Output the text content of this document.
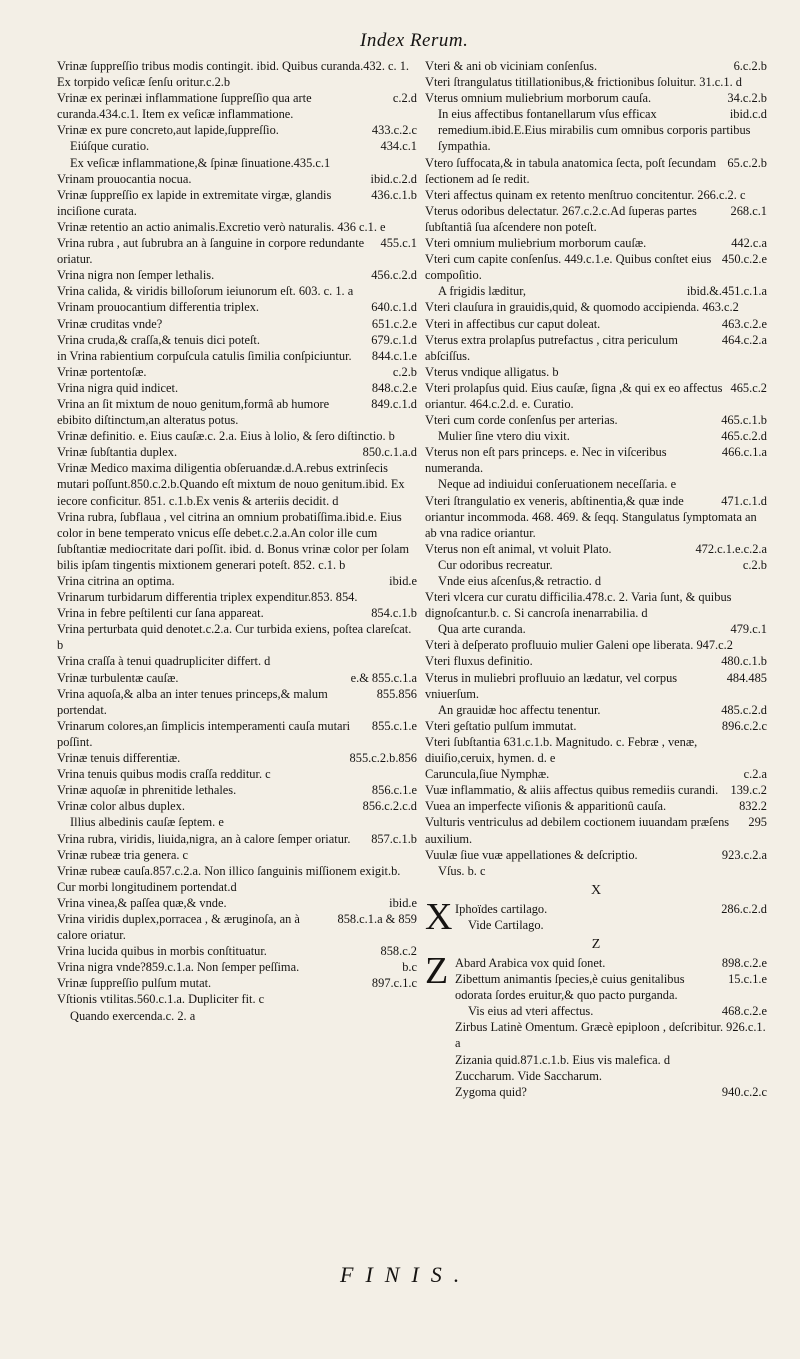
Index Rerum.
Vrinæ ſuppreſſio tribus modis contingit. ibid. Quibus curanda.432. c. 1. Ex torpido veſicæ ſenſu oritur.c.2.b
c.2.d
Vrinæ ex perinæi inflammatione ſuppreſſio qua arte curanda.434.c.1. Item ex veſicæ inflammatione.
433.c.2.c
Vrinæ ex pure concreto,aut lapide,ſuppreſſio.
434.c.1
Eiúſque curatio.
Ex veſicæ inflammatione,& ſpinæ ſinuatione.435.c.1
ibid.c.2.d
Vrinam prouocantia nocua.
436.c.1.b
Vrinæ ſuppreſſio ex lapide in extremitate virgæ, glandis inciſione curata.
Vrinæ retentio an actio animalis.Excretio verò naturalis. 436 c.1. e
455.c.1
Vrina rubra , aut ſubrubra an à ſanguine in corpore redundante oriatur.
456.c.2.d
Vrina nigra non ſemper lethalis.
Vrina calida, & viridis billoſorum ieiunorum eſt. 603. c. 1. a
640.c.1.d
Vrinam prouocantium differentia triplex.
651.c.2.e
Vrinæ cruditas vnde?
679.c.1.d
Vrina cruda,& craſſa,& tenuis dici poteſt.
844.c.1.e
in Vrina rabientium corpuſcula catulis ſimilia conſpiciuntur.
c.2.b
Vrinæ portentoſæ.
848.c.2.e
Vrina nigra quid indicet.
849.c.1.d
Vrina an ſit mixtum de nouo genitum,formâ ab humore ebibito diſtinctum,an alteratus potus.
Vrinæ definitio. e. Eius cauſæ.c. 2.a. Eius à lolio, & ſero diſtinctio. b
850.c.1.a.d
Vrinæ ſubſtantia duplex.
Vrinæ Medico maxima diligentia obſeruandæ.d.A.rebus extrinſecis mutari poſſunt.850.c.2.b.Quando eſt mixtum de nouo genitum.ibid. Ex iecore conficitur. 851. c.1.b.Ex venis & arteriis decidit. d
Vrina rubra, ſubflaua , vel citrina an omnium probatiſſima.ibid.e. Eius color in bene temperato vnicus eſſe debet.c.2.a.An color ille cum ſubſtantiæ mediocritate dari poſſit. ibid. d. Bonus vrinæ color per ſolam bilis ipſam tingentis mixtionem generari poteſt. 852. c.1. b
ibid.e
Vrina citrina an optima.
Vrinarum turbidarum differentia triplex expenditur.853. 854.
854.c.1.b
Vrina in febre peſtilenti cur ſana appareat.
Vrina perturbata quid denotet.c.2.a. Cur turbida exiens, poſtea clareſcat. b
Vrina craſſa à tenui quadrupliciter differt. d
e.& 855.c.1.a
Vrinæ turbulentæ cauſæ.
855.856
Vrina aquoſa,& alba an inter tenues princeps,& malum portendat.
855.c.1.e
Vrinarum colores,an ſimplicis intemperamenti cauſa mutari poſſint.
855.c.2.b.856
Vrinæ tenuis differentiæ.
Vrina tenuis quibus modis craſſa redditur. c
856.c.1.e
Vrinæ aquoſæ in phrenitide lethales.
856.c.2.c.d
Vrinæ color albus duplex.
Illius albedinis cauſæ ſeptem. e
857.c.1.b
Vrina rubra, viridis, liuida,nigra, an à calore ſemper oriatur.
Vrinæ rubeæ tria genera. c
Vrinæ rubeæ cauſa.857.c.2.a. Non illico ſanguinis miſſionem exigit.b. Cur morbi longitudinem portendat.d
ibid.e
Vrina vinea,& paſſea quæ,& vnde.
858.c.1.a & 859
Vrina viridis duplex,porracea , & æruginoſa, an à calore oriatur.
858.c.2
Vrina lucida quibus in morbis conſtituatur.
b.c
Vrina nigra vnde?859.c.1.a. Non ſemper peſſima.
897.c.1.c
Vrinæ ſuppreſſio pulſum mutat.
Vſtionis vtilitas.560.c.1.a. Dupliciter fit. c
Quando exercenda.c. 2. a
6.c.2.b
Vteri & ani ob viciniam conſenſus.
Vteri ſtrangulatus titillationibus,& frictionibus ſoluitur. 31.c.1. d
34.c.2.b
Vterus omnium muliebrium morborum cauſa.
ibid.c.d
In eius affectibus fontanellarum vſus efficax remedium.ibid.E.Eius mirabilis cum omnibus corporis partibus ſympathia.
65.c.2.b
Vtero ſuffocata,& in tabula anatomica ſecta, poſt ſecundam ſectionem ad ſe redit.
Vteri affectus quinam ex retento menſtruo concitentur. 266.c.2. c
268.c.1
Vterus odoribus delectatur. 267.c.2.c.Ad ſuperas partes ſubſtantiâ ſua aſcendere non poteſt.
442.c.a
Vteri omnium muliebrium morborum cauſæ.
450.c.2.e
Vteri cum capite conſenſus. 449.c.1.e. Quibus conſtet eius compoſitio.
ibid.&.451.c.1.a
A frigidis læditur,
Vteri clauſura in grauidis,quid, & quomodo accipienda. 463.c.2
463.c.2.e
Vteri in affectibus cur caput doleat.
464.c.2.a
Vterus extra prolapſus putrefactus , citra periculum abſciſſus.
Vterus vndique alligatus. b
465.c.2
Vteri prolapſus quid. Eius cauſæ, ſigna ,& qui ex eo affectus oriantur. 464.c.2.d. e. Curatio.
465.c.1.b
Vteri cum corde conſenſus per arterias.
465.c.2.d
Mulier ſine vtero diu vixit.
466.c.1.a
Vterus non eſt pars princeps. e. Nec in viſceribus numeranda.
Neque ad indiuidui conſeruationem neceſſaria. e
471.c.1.d
Vteri ſtrangulatio ex veneris, abſtinentia,& quæ inde oriantur incommoda. 468. 469. & ſeqq. Stangulatus ſymptomata an ab vna radice oriantur.
472.c.1.e.c.2.a
Vterus non eſt animal, vt voluit Plato.
c.2.b
Cur odoribus recreatur.
Vnde eius aſcenſus,& retractio. d
Vteri vlcera cur curatu difficilia.478.c. 2. Varia ſunt, & quibus dignoſcantur.b. c. Si cancroſa inenarrabilia. d
479.c.1
Qua arte curanda.
Vteri à deſperato profluuio mulier Galeni ope liberata. 947.c.2
480.c.1.b
Vteri fluxus definitio.
484.485
Vterus in muliebri profluuio an lædatur, vel corpus vniuerſum.
485.c.2.d
An grauidæ hoc affectu tenentur.
896.c.2.c
Vteri geſtatio pulſum immutat.
Vteri ſubſtantia 631.c.1.b. Magnitudo. c. Febræ , venæ, diuiſio,ceruix, hymen. d. e
c.2.a
Caruncula,ſiue Nymphæ.
139.c.2
Vuæ inflammatio, & aliis affectus quibus remediis curandi.
832.2
Vuea an imperfecte viſionis & apparitionû cauſa.
295
Vulturis ventriculus ad debilem coctionem iuuandam præſens auxilium.
923.c.2.a
Vuulæ ſiue vuæ appellationes & deſcriptio.
Vſus. b. c
X
X	286.c.2.d
Iphoïdes cartilago.
Vide Cartilago.
Z
Z	898.c.2.e
Abard Arabica vox quid ſonet.
15.c.1.e
Zibettum animantis ſpecies,è cuius genitalibus odorata ſordes eruitur,& quo pacto purganda.
468.c.2.e
Vis eius ad vteri affectus.
Zirbus Latinè Omentum. Græcè epiploon , deſcribitur. 926.c.1. a
Zizania quid.871.c.1.b. Eius vis malefica. d
Zuccharum. Vide Saccharum.
940.c.2.c
Zygoma quid?
FINIS.
